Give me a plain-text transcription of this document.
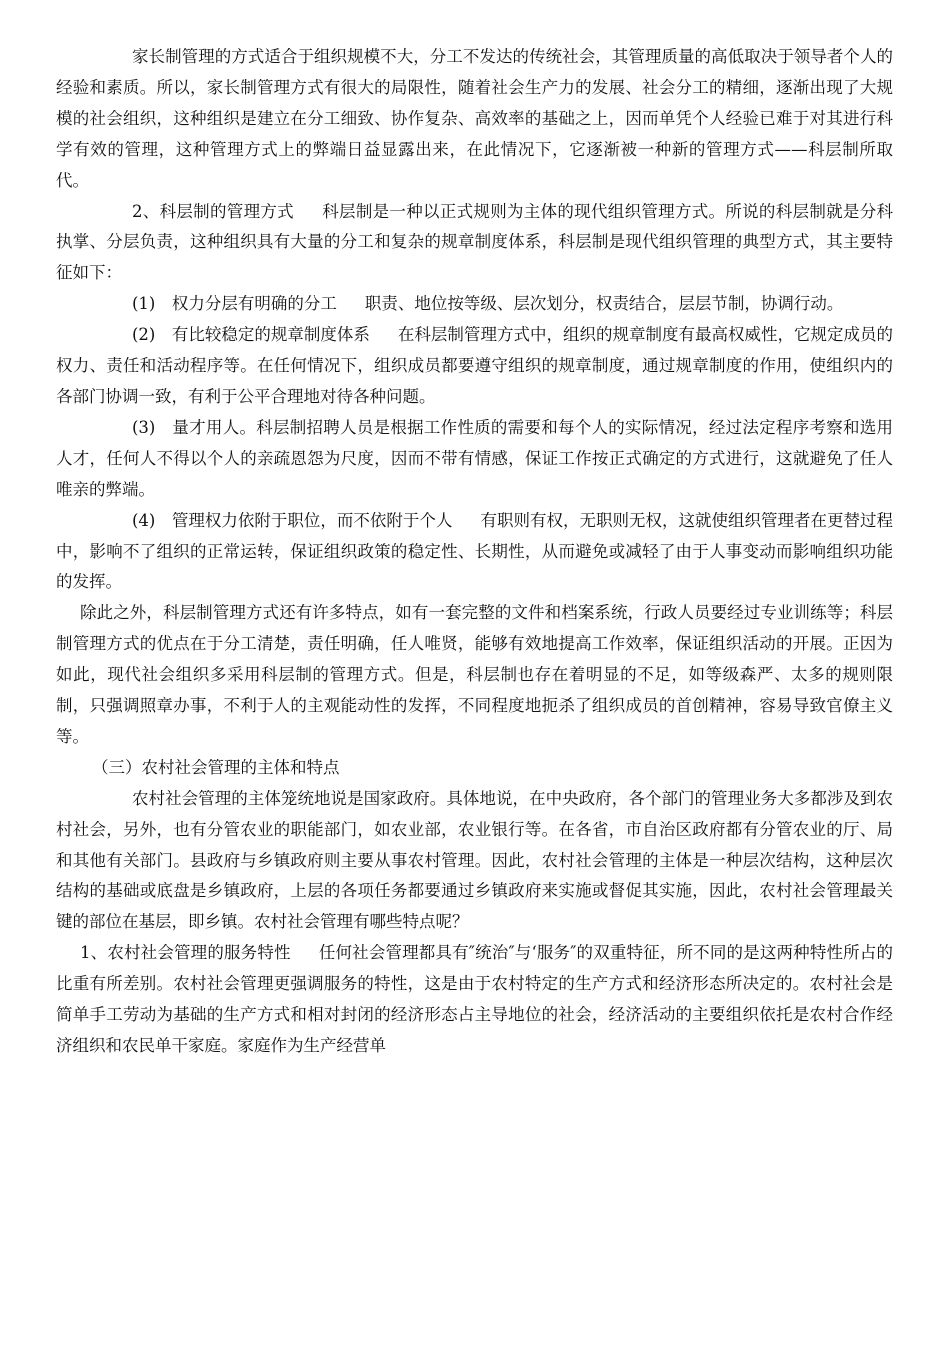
家长制管理的方式适合于组织规模不大，分工不发达的传统社会，其管理质量的高低取决于领导者个人的经验和素质。所以，家长制管理方式有很大的局限性，随着社会生产力的发展、社会分工的精细，逐渐出现了大规模的社会组织，这种组织是建立在分工细致、协作复杂、高效率的基础之上，因而单凭个人经验已难于对其进行科学有效的管理，这种管理方式上的弊端日益显露出来，在此情况下，它逐渐被一种新的管理方式——科层制所取代。

2、科层制的管理方式 科层制是一种以正式规则为主体的现代组织管理方式。所说的科层制就是分科执掌、分层负责，这种组织具有大量的分工和复杂的规章制度体系，科层制是现代组织管理的典型方式，其主要特征如下：

(1)　权力分层有明确的分工 职责、地位按等级、层次划分，权责结合，层层节制，协调行动。

(2)　有比较稳定的规章制度体系 在科层制管理方式中，组织的规章制度有最高权威性，它规定成员的权力、责任和活动程序等。在任何情况下，组织成员都要遵守组织的规章制度，通过规章制度的作用，使组织内的各部门协调一致，有利于公平合理地对待各种问题。

(3)　量才用人。科层制招聘人员是根据工作性质的需要和每个人的实际情况，经过法定程序考察和选用人才，任何人不得以个人的亲疏恩怨为尺度，因而不带有情感，保证工作按正式确定的方式进行，这就避免了任人唯亲的弊端。

(4)　管理权力依附于职位，而不依附于个人 有职则有权，无职则无权，这就使组织管理者在更替过程中，影响不了组织的正常运转，保证组织政策的稳定性、长期性，从而避免或减轻了由于人事变动而影响组织功能的发挥。

除此之外，科层制管理方式还有许多特点，如有一套完整的文件和档案系统，行政人员要经过专业训练等；科层制管理方式的优点在于分工清楚，责任明确，任人唯贤，能够有效地提高工作效率，保证组织活动的开展。正因为如此，现代社会组织多采用科层制的管理方式。但是，科层制也存在着明显的不足，如等级森严、太多的规则限制，只强调照章办事，不利于人的主观能动性的发挥，不同程度地扼杀了组织成员的首创精神，容易导致官僚主义等。

（三）农村社会管理的主体和特点

农村社会管理的主体笼统地说是国家政府。具体地说，在中央政府，各个部门的管理业务大多都涉及到农村社会，另外，也有分管农业的职能部门，如农业部，农业银行等。在各省，市自治区政府都有分管农业的厅、局和其他有关部门。县政府与乡镇政府则主要从事农村管理。因此，农村社会管理的主体是一种层次结构，这种层次结构的基础或底盘是乡镇政府，上层的各项任务都要通过乡镇政府来实施或督促其实施，因此，农村社会管理最关键的部位在基层，即乡镇。农村社会管理有哪些特点呢？

1、农村社会管理的服务特性 任何社会管理都具有″统治″与‘服务″的双重特征，所不同的是这两种特性所占的比重有所差别。农村社会管理更强调服务的特性，这是由于农村特定的生产方式和经济形态所决定的。农村社会是简单手工劳动为基础的生产方式和相对封闭的经济形态占主导地位的社会，经济活动的主要组织依托是农村合作经济组织和农民单干家庭。家庭作为生产经营单
